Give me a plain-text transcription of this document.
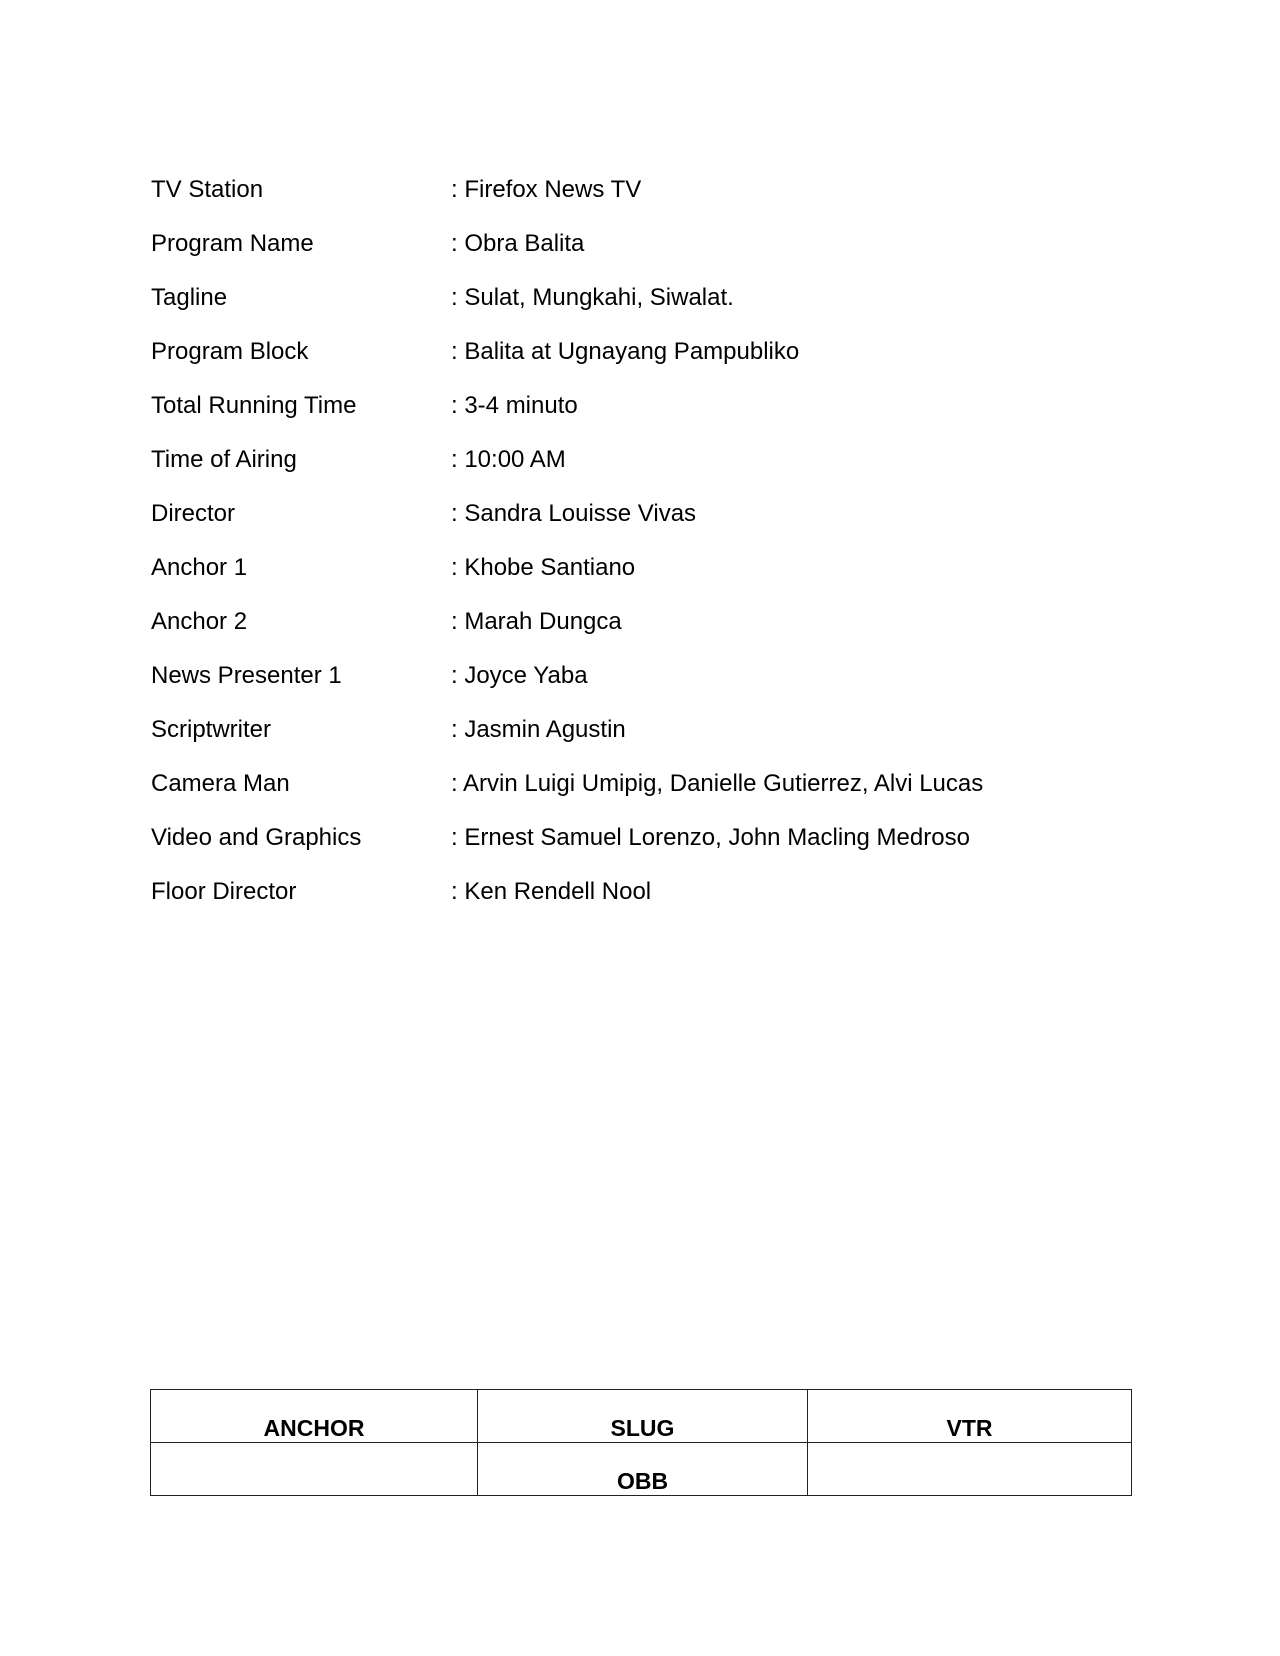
TV Station	: Firefox News TV
Program Name	: Obra Balita
Tagline	: Sulat, Mungkahi, Siwalat.
Program Block	: Balita at Ugnayang Pampubliko
Total Running Time	: 3-4 minuto
Time of Airing	: 10:00 AM
Director	: Sandra Louisse Vivas
Anchor 1	: Khobe Santiano
Anchor 2	: Marah Dungca
News Presenter 1	: Joyce Yaba
Scriptwriter	: Jasmin Agustin
Camera Man	: Arvin Luigi Umipig, Danielle Gutierrez, Alvi Lucas
Video and Graphics	: Ernest Samuel Lorenzo, John Macling Medroso
Floor Director	: Ken Rendell Nool
ANCHOR	SLUG	VTR
	OBB	
